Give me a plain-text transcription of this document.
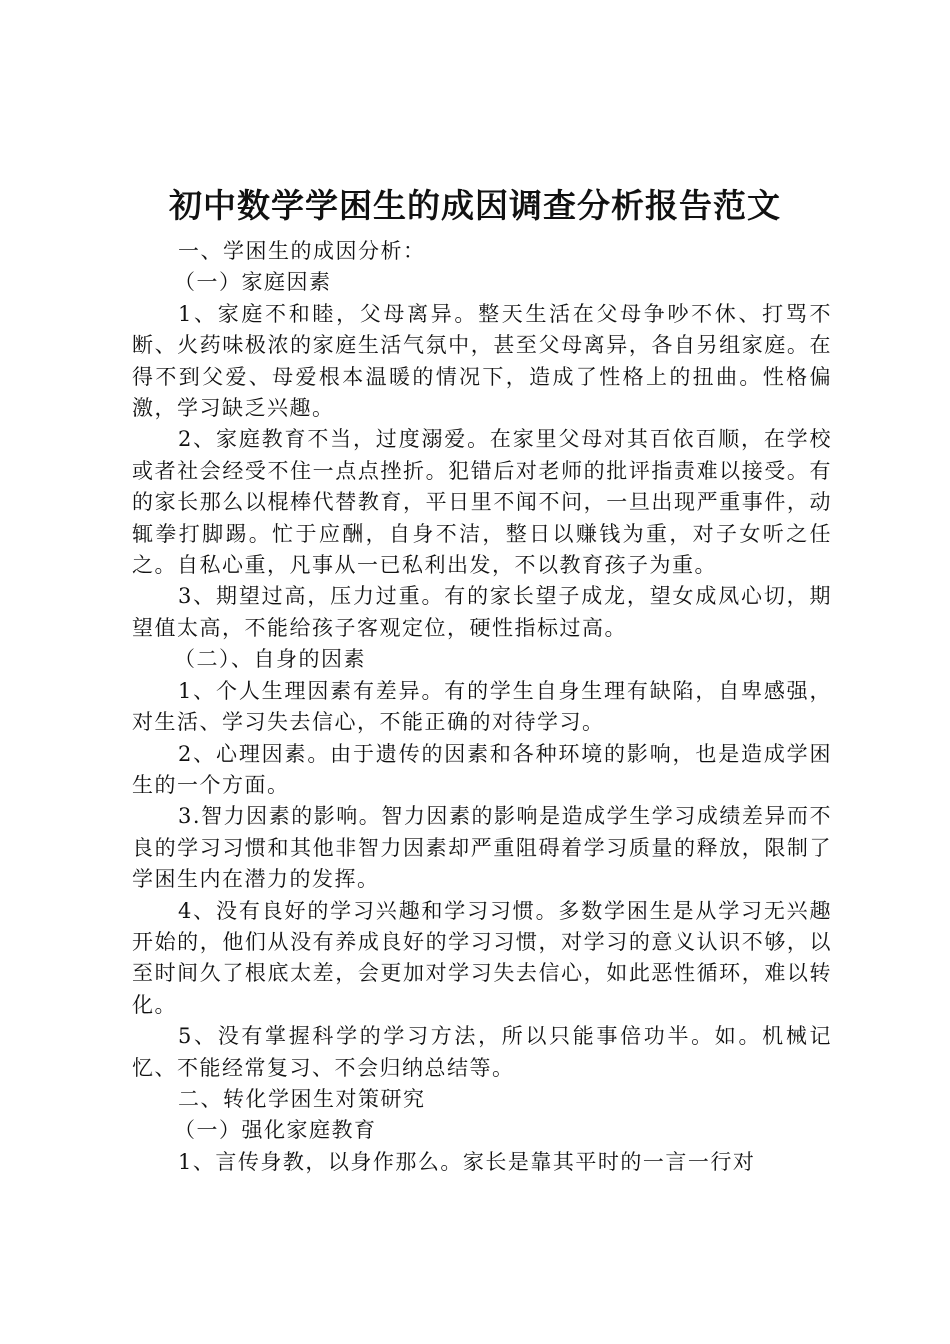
初中数学学困生的成因调查分析报告范文

一、学困生的成因分析：

（一）家庭因素

1、家庭不和睦，父母离异。整天生活在父母争吵不休、打骂不断、火药味极浓的家庭生活气氛中，甚至父母离异，各自另组家庭。在得不到父爱、母爱根本温暖的情况下，造成了性格上的扭曲。性格偏激，学习缺乏兴趣。

2、家庭教育不当，过度溺爱。在家里父母对其百依百顺，在学校或者社会经受不住一点点挫折。犯错后对老师的批评指责难以接受。有的家长那么以棍棒代替教育，平日里不闻不问，一旦出现严重事件，动辄拳打脚踢。忙于应酬，自身不洁，整日以赚钱为重，对子女听之任之。自私心重，凡事从一已私利出发，不以教育孩子为重。

3、期望过高，压力过重。有的家长望子成龙，望女成凤心切，期望值太高，不能给孩子客观定位，硬性指标过高。

（二）、自身的因素

1、个人生理因素有差异。有的学生自身生理有缺陷，自卑感强，对生活、学习失去信心，不能正确的对待学习。

2、心理因素。由于遗传的因素和各种环境的影响，也是造成学困生的一个方面。

3.智力因素的影响。智力因素的影响是造成学生学习成绩差异而不良的学习习惯和其他非智力因素却严重阻碍着学习质量的释放，限制了学困生内在潜力的发挥。

4、没有良好的学习兴趣和学习习惯。多数学困生是从学习无兴趣开始的，他们从没有养成良好的学习习惯，对学习的意义认识不够，以至时间久了根底太差，会更加对学习失去信心，如此恶性循环，难以转化。

5、没有掌握科学的学习方法，所以只能事倍功半。如。机械记忆、不能经常复习、不会归纳总结等。

二、转化学困生对策研究

（一）强化家庭教育

1、言传身教，以身作那么。家长是靠其平时的一言一行对
